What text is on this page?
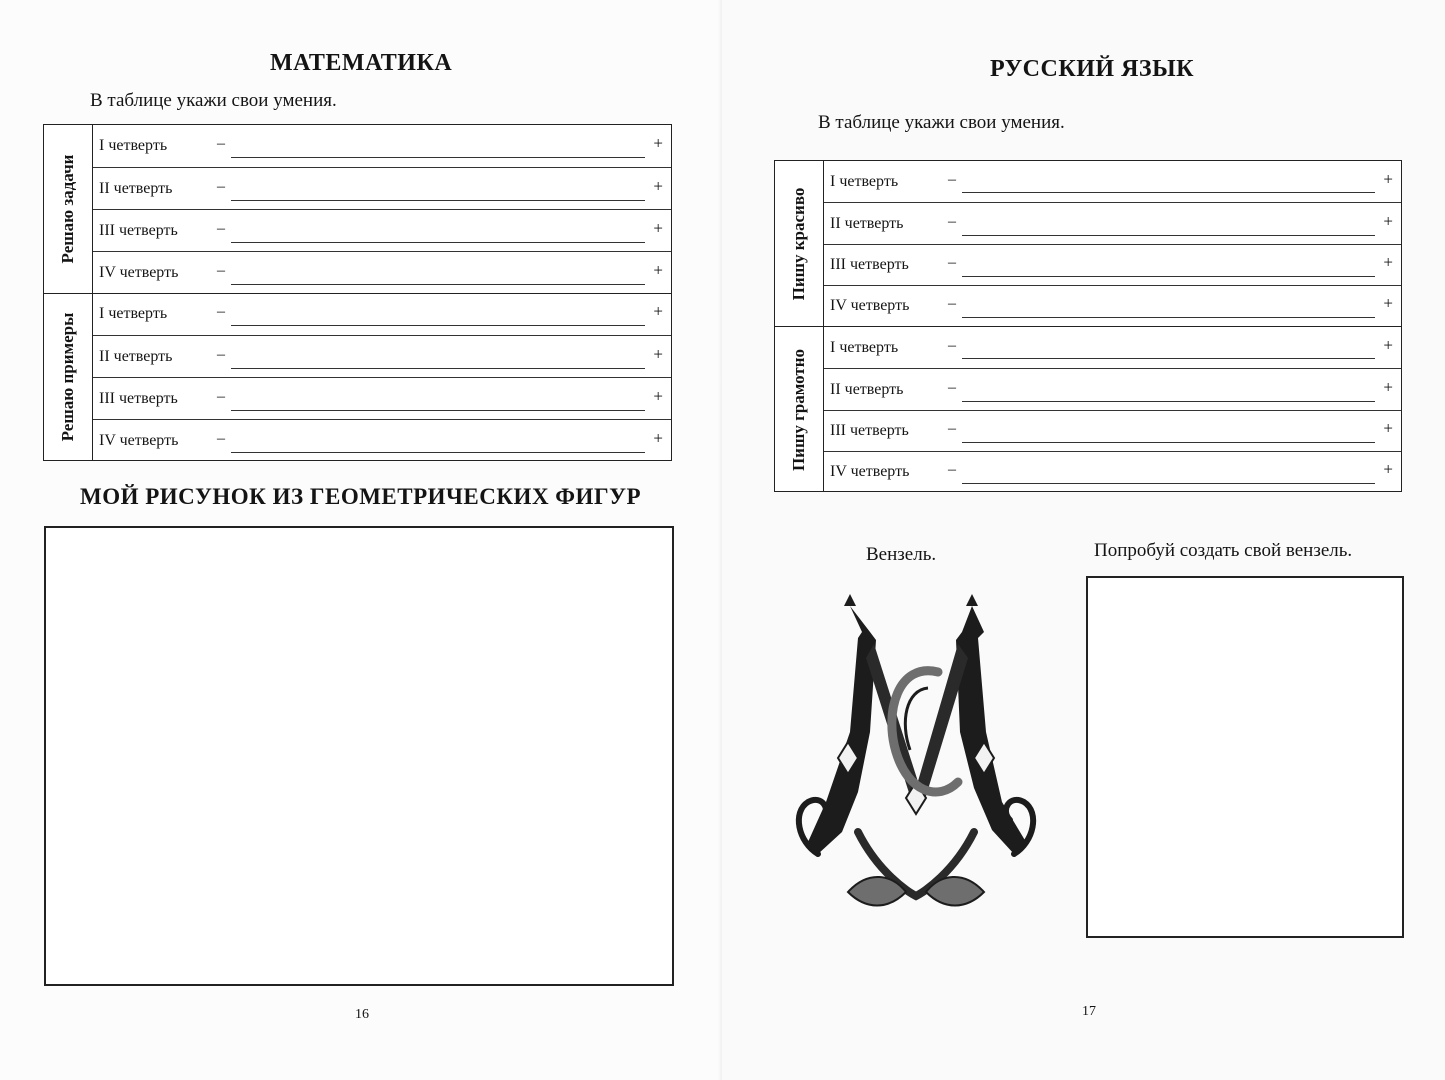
МАТЕМАТИКА

В таблице укажи свои умения.

Решаю задачи
I четверть	–	+
II четверть	–	+
III четверть –	+
IV четверть –	+
Решаю примеры I четверть	–	+
II четверть	–	+
III четверть –	+
IV четверть –	+
МОЙ РИСУНОК ИЗ ГЕОМЕТРИЧЕСКИХ ФИГУР

16

РУССКИЙ ЯЗЫК

В таблице укажи свои умения.

Пишу красиво
I четверть	–	+
II четверть	–	+
III четверть –	+
IV четверть –	+
Пишу грамотно
I четверть	–	+
II четверть	–	+
III четверть –	+
IV четверть –	+

Вензель.	Попробуй создать свой вензель.

17
